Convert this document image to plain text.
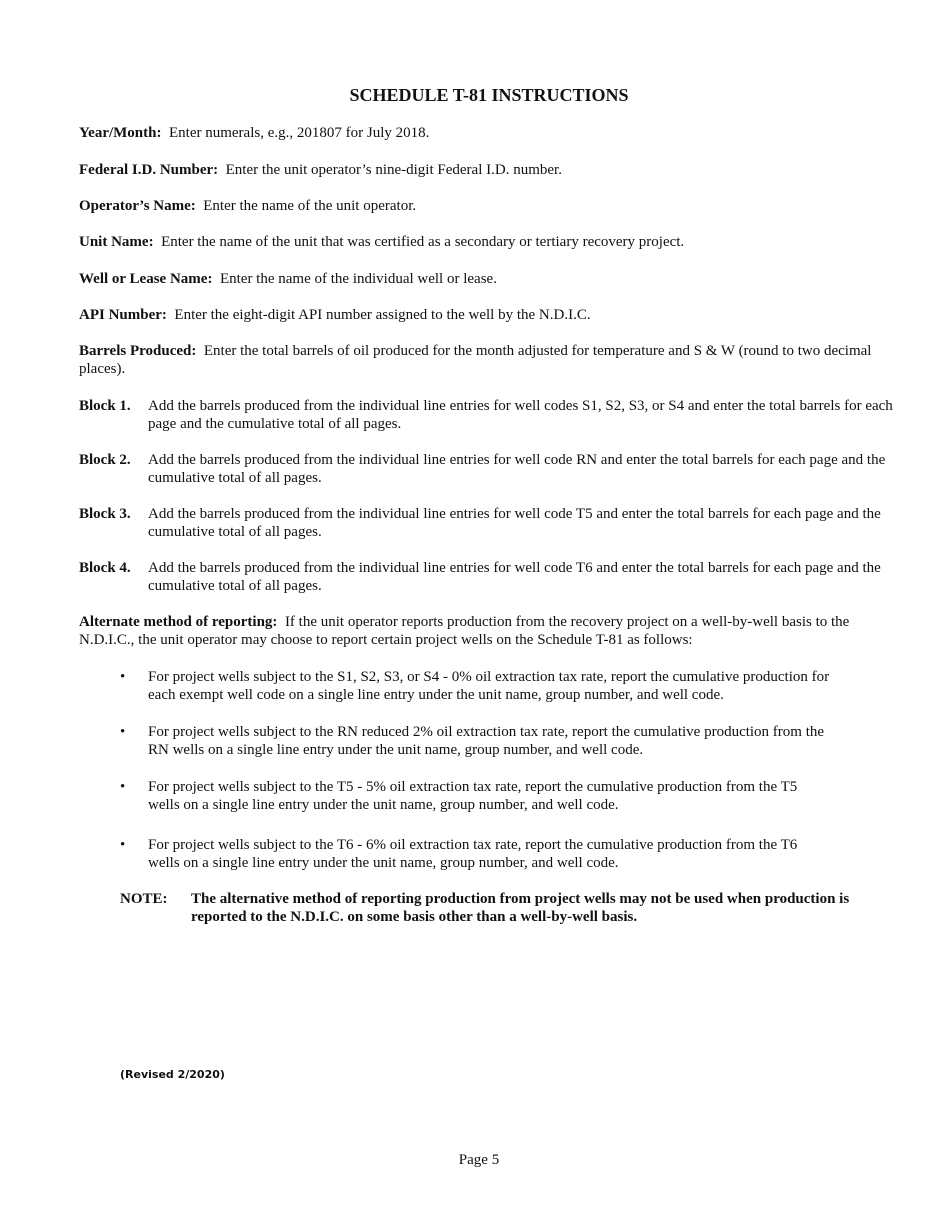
SCHEDULE T-81 INSTRUCTIONS
Year/Month: Enter numerals, e.g., 201807 for July 2018.
Federal I.D. Number: Enter the unit operator’s nine-digit Federal I.D. number.
Operator’s Name: Enter the name of the unit operator.
Unit Name: Enter the name of the unit that was certified as a secondary or tertiary recovery project.
Well or Lease Name: Enter the name of the individual well or lease.
API Number: Enter the eight-digit API number assigned to the well by the N.D.I.C.
Barrels Produced: Enter the total barrels of oil produced for the month adjusted for temperature and S & W (round to two decimal places).
Block 1. Add the barrels produced from the individual line entries for well codes S1, S2, S3, or S4 and enter the total barrels for each page and the cumulative total of all pages.
Block 2. Add the barrels produced from the individual line entries for well code RN and enter the total barrels for each page and the cumulative total of all pages.
Block 3. Add the barrels produced from the individual line entries for well code T5 and enter the total barrels for each page and the cumulative total of all pages.
Block 4. Add the barrels produced from the individual line entries for well code T6 and enter the total barrels for each page and the cumulative total of all pages.
Alternate method of reporting: If the unit operator reports production from the recovery project on a well-by-well basis to the N.D.I.C., the unit operator may choose to report certain project wells on the Schedule T-81 as follows:
• For project wells subject to the S1, S2, S3, or S4 - 0% oil extraction tax rate, report the cumulative production for each exempt well code on a single line entry under the unit name, group number, and well code.
• For project wells subject to the RN reduced 2% oil extraction tax rate, report the cumulative production from the RN wells on a single line entry under the unit name, group number, and well code.
• For project wells subject to the T5 - 5% oil extraction tax rate, report the cumulative production from the T5 wells on a single line entry under the unit name, group number, and well code.
• For project wells subject to the T6 - 6% oil extraction tax rate, report the cumulative production from the T6 wells on a single line entry under the unit name, group number, and well code.
NOTE: The alternative method of reporting production from project wells may not be used when production is reported to the N.D.I.C. on some basis other than a well-by-well basis.
(Revised 2/2020)
Page 5
